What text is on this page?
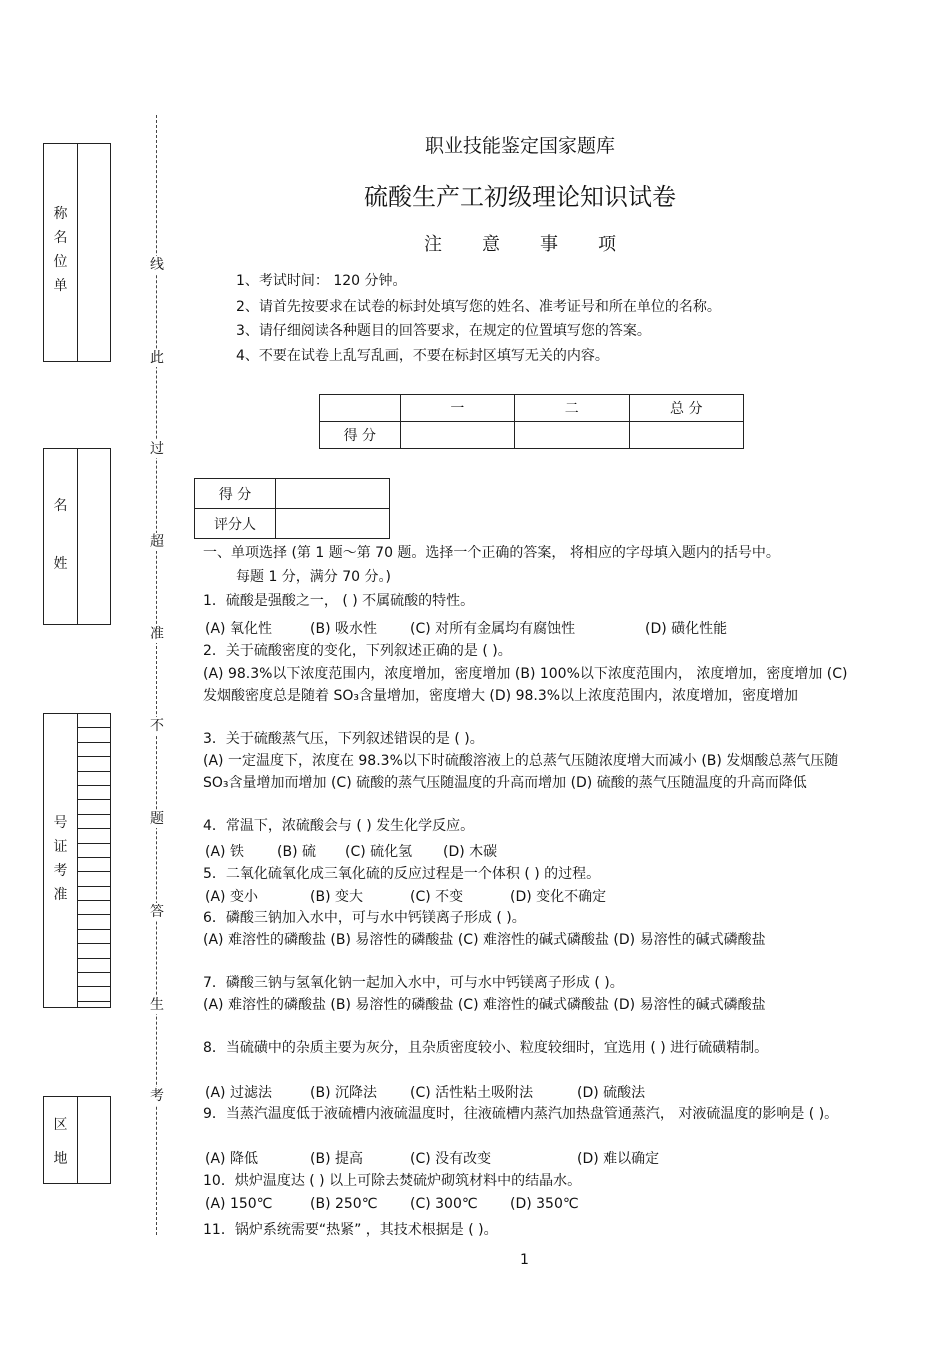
称
名
位
单
名
姓
号
证
考
准
区
地
线
此
过
超
准
不
题
答
生
考
职业技能鉴定国家题库
硫酸生产工初级理论知识试卷
注意事项
1、考试时间： 120 分钟。
2、请首先按要求在试卷的标封处填写您的姓名、准考证号和所在单位的名称。
3、请仔细阅读各种题目的回答要求，在规定的位置填写您的答案。
4、不要在试卷上乱写乱画，不要在标封区填写无关的内容。
	一	二	总 分
得 分			
得 分	
评分人	
一、单项选择 (第 1 题～第 70 题。选择一个正确的答案， 将相应的字母填入题内的括号中。
每题 1 分，满分 70 分。)
1．硫酸是强酸之一， ( ) 不属硫酸的特性。
(A) 氧化性	(B) 吸水性 (C) 对所有金属均有腐蚀性	(D) 磺化性能
2．关于硫酸密度的变化，下列叙述正确的是 ( )。
(A) 98.3%以下浓度范围内，浓度增加，密度增加 (B) 100%以下浓度范围内， 浓度增加，密度增加 (C) 发烟酸密度总是随着 SO₃含量增加，密度增大 (D) 98.3%以上浓度范围内，浓度增加，密度增加
3．关于硫酸蒸气压，下列叙述错误的是 ( )。
(A) 一定温度下，浓度在 98.3%以下时硫酸溶液上的总蒸气压随浓度增大而减小 (B) 发烟酸总蒸气压随 SO₃含量增加而增加 (C) 硫酸的蒸气压随温度的升高而增加 (D) 硫酸的蒸气压随温度的升高而降低
4．常温下，浓硫酸会与 ( ) 发生化学反应。
(A) 铁 (B) 硫 (C) 硫化氢 (D) 木碳
5．二氧化硫氧化成三氧化硫的反应过程是一个体积 ( ) 的过程。
(A) 变小	(B) 变大	(C) 不变	(D) 变化不确定
6．磷酸三钠加入水中，可与水中钙镁离子形成 ( )。
(A) 难溶性的磷酸盐 (B) 易溶性的磷酸盐 (C) 难溶性的碱式磷酸盐 (D) 易溶性的碱式磷酸盐
7．磷酸三钠与氢氧化钠一起加入水中，可与水中钙镁离子形成 ( )。
(A) 难溶性的磷酸盐 (B) 易溶性的磷酸盐 (C) 难溶性的碱式磷酸盐 (D) 易溶性的碱式磷酸盐
8．当硫磺中的杂质主要为灰分，且杂质密度较小、粒度较细时，宜选用 ( ) 进行硫磺精制。
(A) 过滤法	(B) 沉降法 (C) 活性粘土吸附法	(D) 硫酸法
9．当蒸汽温度低于液硫槽内液硫温度时，往液硫槽内蒸汽加热盘管通蒸汽， 对液硫温度的影响是 ( )。
(A) 降低	(B) 提高	(C) 没有改变	(D) 难以确定
10．烘炉温度达 ( ) 以上可除去焚硫炉砌筑材料中的结晶水。
(A) 150℃	(B) 250℃ (C) 300℃ (D) 350℃
11．锅炉系统需要“热紧” ，其技术根据是 ( )。
1
